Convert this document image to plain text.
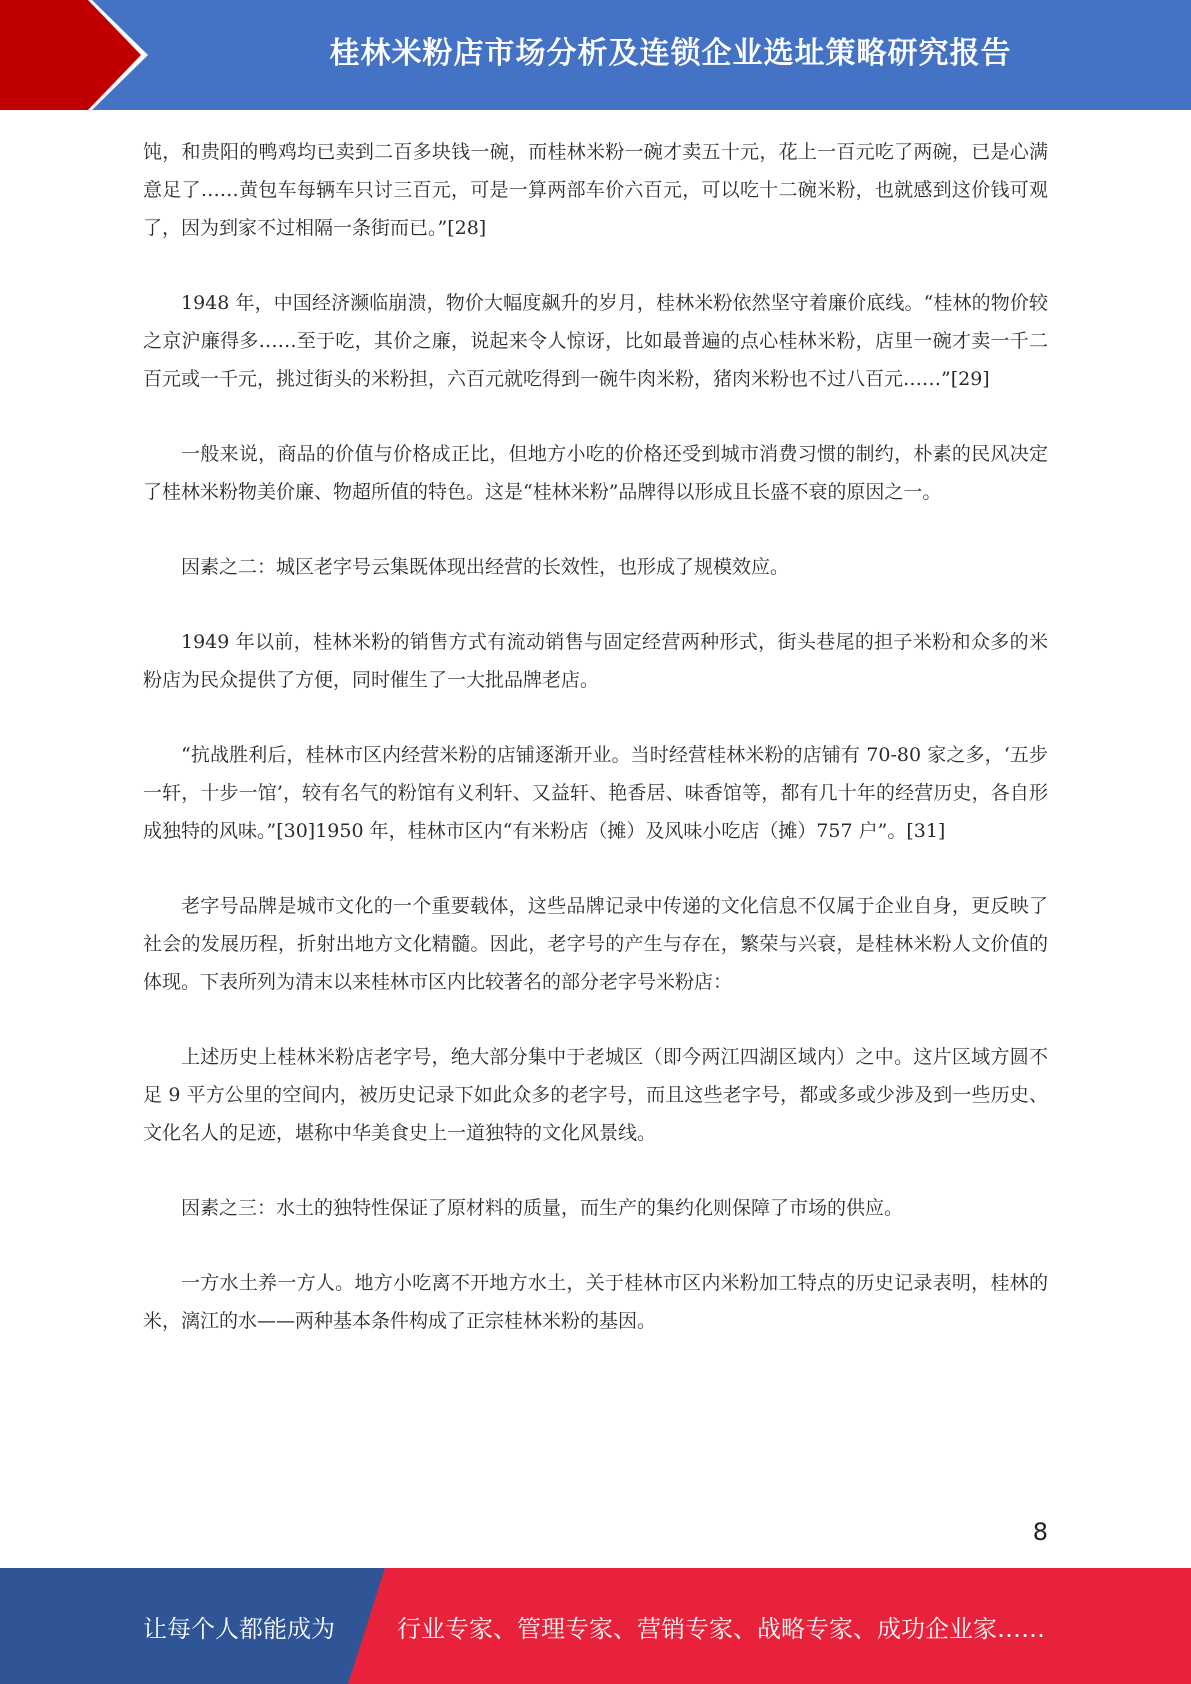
桂林米粉店市场分析及连锁企业选址策略研究报告

饨，和贵阳的鸭鸡均已卖到二百多块钱一碗，而桂林米粉一碗才卖五十元，花上一百元吃了两碗，已是心满意足了……黄包车每辆车只讨三百元，可是一算两部车价六百元，可以吃十二碗米粉，也就感到这价钱可观了，因为到家不过相隔一条街而已。”[28]

1948 年，中国经济濒临崩溃，物价大幅度飙升的岁月，桂林米粉依然坚守着廉价底线。“桂林的物价较之京沪廉得多……至于吃，其价之廉，说起来令人惊讶，比如最普遍的点心桂林米粉，店里一碗才卖一千二百元或一千元，挑过街头的米粉担，六百元就吃得到一碗牛肉米粉，猪肉米粉也不过八百元……”[29]

一般来说，商品的价值与价格成正比，但地方小吃的价格还受到城市消费习惯的制约，朴素的民风决定了桂林米粉物美价廉、物超所值的特色。这是“桂林米粉”品牌得以形成且长盛不衰的原因之一。

因素之二：城区老字号云集既体现出经营的长效性，也形成了规模效应。

1949 年以前，桂林米粉的销售方式有流动销售与固定经营两种形式，街头巷尾的担子米粉和众多的米粉店为民众提供了方便，同时催生了一大批品牌老店。

“抗战胜利后，桂林市区内经营米粉的店铺逐渐开业。当时经营桂林米粉的店铺有 70-80 家之多，‘五步一轩，十步一馆’，较有名气的粉馆有义利轩、又益轩、艳香居、味香馆等，都有几十年的经营历史，各自形成独特的风味。”[30]1950 年，桂林市区内“有米粉店（摊）及风味小吃店（摊）757 户”。[31]

老字号品牌是城市文化的一个重要载体，这些品牌记录中传递的文化信息不仅属于企业自身，更反映了社会的发展历程，折射出地方文化精髓。因此，老字号的产生与存在，繁荣与兴衰，是桂林米粉人文价值的体现。下表所列为清末以来桂林市区内比较著名的部分老字号米粉店：

上述历史上桂林米粉店老字号，绝大部分集中于老城区（即今两江四湖区域内）之中。这片区域方圆不足 9 平方公里的空间内，被历史记录下如此众多的老字号，而且这些老字号，都或多或少涉及到一些历史、文化名人的足迹，堪称中华美食史上一道独特的文化风景线。

因素之三：水土的独特性保证了原材料的质量，而生产的集约化则保障了市场的供应。

一方水土养一方人。地方小吃离不开地方水土，关于桂林市区内米粉加工特点的历史记录表明，桂林的米，漓江的水——两种基本条件构成了正宗桂林米粉的基因。

8
让每个人都能成为	行业专家、管理专家、营销专家、战略专家、成功企业家……
